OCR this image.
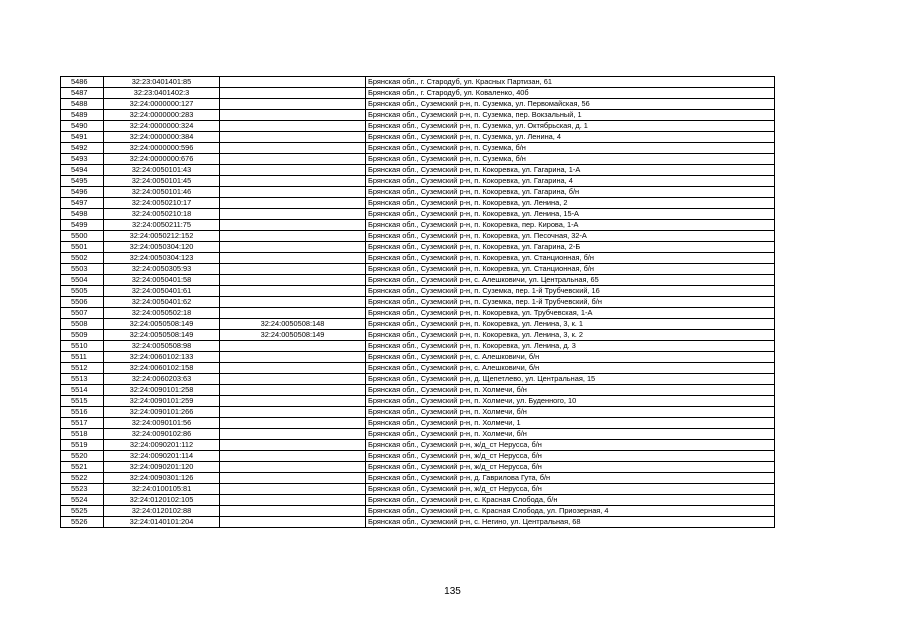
5486	32:23:0401401:85		Брянская обл., г. Стародуб, ул. Красных Партизан, 61
5487	32:23:0401402:3		Брянская обл., г. Стародуб, ул. Коваленко, 40б
5488	32:24:0000000:127		Брянская обл., Суземский р-н, п. Суземка, ул. Первомайская, 56
5489	32:24:0000000:283		Брянская обл., Суземский р-н, п. Суземка, пер. Вокзальный, 1
5490	32:24:0000000:324		Брянская обл., Суземский р-н, п. Суземка, ул. Октябрьская, д. 1
5491	32:24:0000000:384		Брянская обл., Суземский р-н, п. Суземка, ул. Ленина, 4
5492	32:24:0000000:596		Брянская обл., Суземский р-н, п. Суземка, б/н
5493	32:24:0000000:676		Брянская обл., Суземский р-н, п. Суземка, б/н
5494	32:24:0050101:43		Брянская обл., Суземский р-н, п. Кокоревка, ул. Гагарина, 1-А
5495	32:24:0050101:45		Брянская обл., Суземский р-н, п. Кокоревка, ул. Гагарина, 4
5496	32:24:0050101:46		Брянская обл., Суземский р-н, п. Кокоревка, ул. Гагарина, б/н
5497	32:24:0050210:17		Брянская обл., Суземский р-н, п. Кокоревка, ул. Ленина, 2
5498	32:24:0050210:18		Брянская обл., Суземский р-н, п. Кокоревка, ул. Ленина, 15-А
5499	32:24:0050211:75		Брянская обл., Суземский р-н, п. Кокоревка, пер. Кирова, 1-А
5500	32:24:0050212:152		Брянская обл., Суземский р-н, п. Кокоревка, ул. Песочная, 32-А
5501	32:24:0050304:120		Брянская обл., Суземский р-н, п. Кокоревка, ул. Гагарина, 2-Б
5502	32:24:0050304:123		Брянская обл., Суземский р-н, п. Кокоревка, ул. Станционная, б/н
5503	32:24:0050305:93		Брянская обл., Суземский р-н, п. Кокоревка, ул. Станционная, б/н
5504	32:24:0050401:58		Брянская обл., Суземский р-н, с. Алешковичи, ул. Центральная, 65
5505	32:24:0050401:61		Брянская обл., Суземский р-н, п. Суземка, пер. 1-й Трубчевский, 16
5506	32:24:0050401:62		Брянская обл., Суземский р-н, п. Суземка, пер. 1-й Трубчевский, б/н
5507	32:24:0050502:18		Брянская обл., Суземский р-н, п. Кокоревка, ул. Трубчевская, 1-А
5508	32:24:0050508:149	32:24:0050508:148	Брянская обл., Суземский р-н, п. Кокоревка, ул. Ленина, 3, к. 1
5509	32:24:0050508:149	32:24:0050508:149	Брянская обл., Суземский р-н, п. Кокоревка, ул. Ленина, 3, к. 2
5510	32:24:0050508:98		Брянская обл., Суземский р-н, п. Кокоревка, ул. Ленина, д. 3
5511	32:24:0060102:133		Брянская обл., Суземский р-н, с. Алешковичи, б/н
5512	32:24:0060102:158		Брянская обл., Суземский р-н, с. Алешковичи, б/н
5513	32:24:0060203:63		Брянская обл., Суземский р-н, д. Щепетлево, ул. Центральная, 15
5514	32:24:0090101:258		Брянская обл., Суземский р-н, п. Холмечи, б/н
5515	32:24:0090101:259		Брянская обл., Суземский р-н, п. Холмечи, ул. Буденного, 10
5516	32:24:0090101:266		Брянская обл., Суземский р-н, п. Холмечи, б/н
5517	32:24:0090101:56		Брянская обл., Суземский р-н, п. Холмечи, 1
5518	32:24:0090102:86		Брянская обл., Суземский р-н, п. Холмечи, б/н
5519	32:24:0090201:112		Брянская обл., Суземский р-н, ж/д_ст Нерусса, б/н
5520	32:24:0090201:114		Брянская обл., Суземский р-н, ж/д_ст Нерусса, б/н
5521	32:24:0090201:120		Брянская обл., Суземский р-н, ж/д_ст Нерусса, б/н
5522	32:24:0090301:126		Брянская обл., Суземский р-н, д. Гаврилова Гута, б/н
5523	32:24:0100105:81		Брянская обл., Суземский р-н, ж/д_ст Нерусса, б/н
5524	32:24:0120102:105		Брянская обл., Суземский р-н, с. Красная Слобода, б/н
5525	32:24:0120102:88		Брянская обл., Суземский р-н, с. Красная Слобода, ул. Приозерная, 4
5526	32:24:0140101:204		Брянская обл., Суземский р-н, с. Негино, ул. Центральная, 68
135
